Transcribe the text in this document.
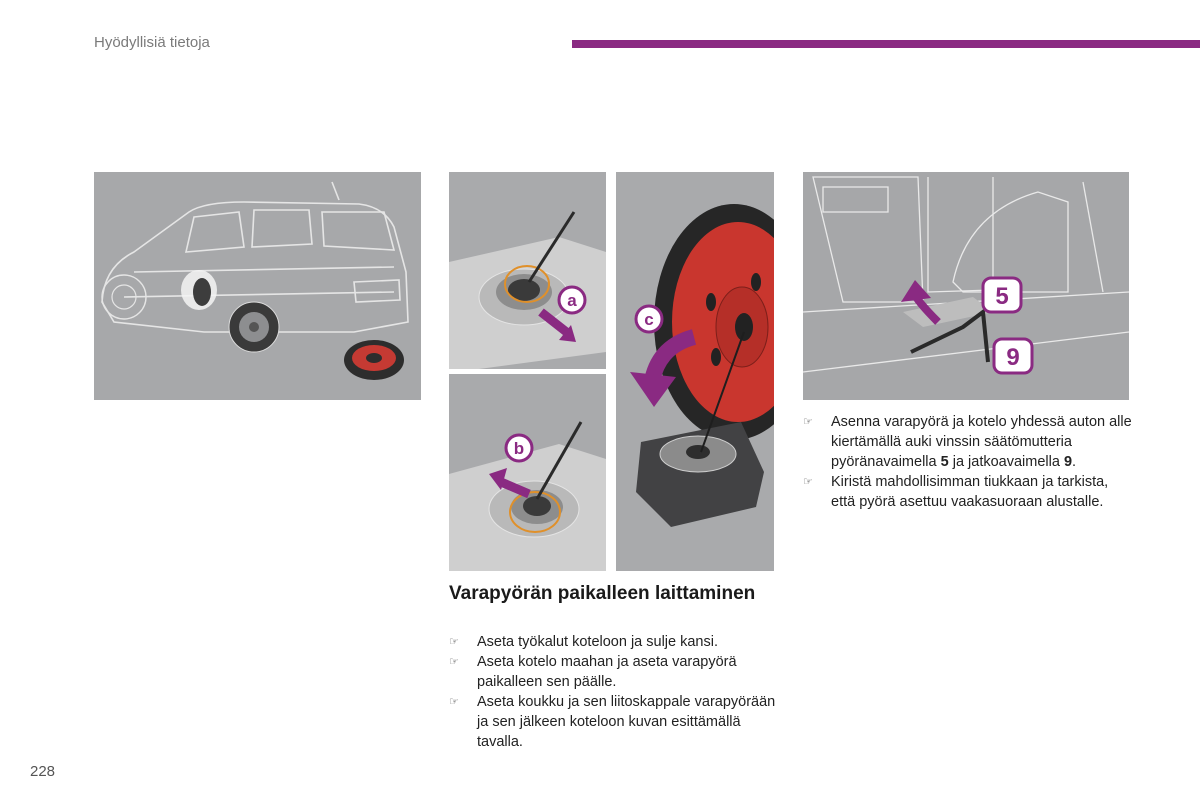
Hyödyllisiä tietoja
a
b
c
5
9
Varapyörän paikalleen laittaminen
☞ Aseta työkalut koteloon ja sulje kansi.
☞ Aseta kotelo maahan ja aseta varapyörä paikalleen sen päälle.
☞ Aseta koukku ja sen liitoskappale varapyörään ja sen jälkeen koteloon kuvan esittämällä tavalla.
☞ Asenna varapyörä ja kotelo yhdessä auton alle kiertämällä auki vinssin säätömutteria pyöränavaimella 5 ja jatkoavaimella 9.
☞ Kiristä mahdollisimman tiukkaan ja tarkista, että pyörä asettuu vaakasuoraan alustalle.
228
